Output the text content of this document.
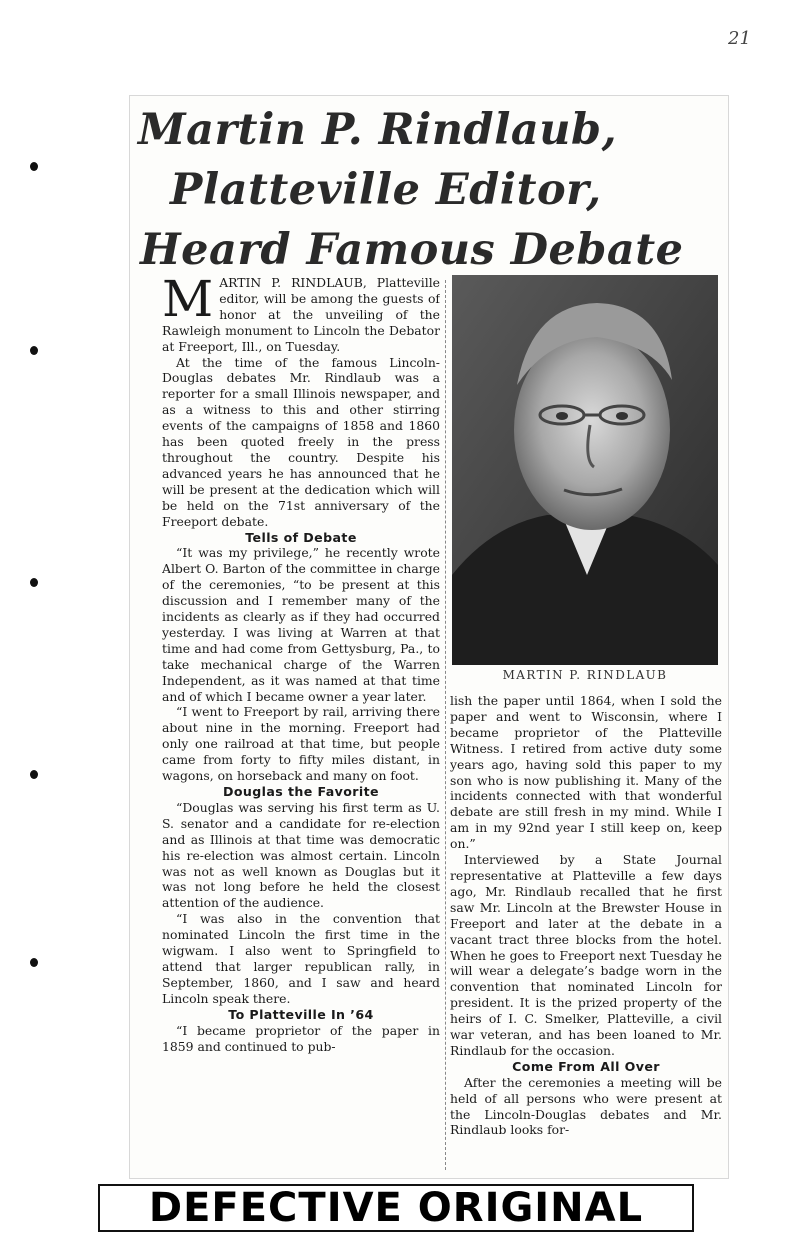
21
Martin P. Rindlaub,
Platteville Editor,
Heard Famous Debate

MARTIN P. RINDLAUB, Platteville editor, will be among the guests of honor at the unveiling of the Rawleigh monument to Lincoln the Debator at Freeport, Ill., on Tuesday.

At the time of the famous Lincoln-Douglas debates Mr. Rindlaub was a reporter for a small Illinois newspaper, and as a witness to this and other stirring events of the campaigns of 1858 and 1860 has been quoted freely in the press throughout the country. Despite his advanced years he has announced that he will be present at the dedication which will be held on the 71st anniversary of the Freeport debate.

Tells of Debate

“It was my privilege,” he recently wrote Albert O. Barton of the committee in charge of the ceremonies, “to be present at this discussion and I remember many of the incidents as clearly as if they had occurred yesterday. I was living at Warren at that time and had come from Gettysburg, Pa., to take mechanical charge of the Warren Independent, as it was named at that time and of which I became owner a year later.

“I went to Freeport by rail, arriving there about nine in the morning. Freeport had only one railroad at that time, but people came from forty to fifty miles distant, in wagons, on horseback and many on foot.

Douglas the Favorite

“Douglas was serving his first term as U. S. senator and a candidate for re-election and as Illinois at that time was democratic his re-election was almost certain. Lincoln was not as well known as Douglas but it was not long before he held the closest attention of the audience.

“I was also in the convention that nominated Lincoln the first time in the wigwam. I also went to Springfield to attend that larger republican rally, in September, 1860, and I saw and heard Lincoln speak there.

To Platteville In ’64

“I became proprietor of the paper in 1859 and continued to pub-

MARTIN P. RINDLAUB

lish the paper until 1864, when I sold the paper and went to Wisconsin, where I became proprietor of the Platteville Witness. I retired from active duty some years ago, having sold this paper to my son who is now publishing it. Many of the incidents connected with that wonderful debate are still fresh in my mind. While I am in my 92nd year I still keep on, keep on.”

Interviewed by a State Journal representative at Platteville a few days ago, Mr. Rindlaub recalled that he first saw Mr. Lincoln at the Brewster House in Freeport and later at the debate in a vacant tract three blocks from the hotel. When he goes to Freeport next Tuesday he will wear a delegate’s badge worn in the convention that nominated Lincoln for president. It is the prized property of the heirs of I. C. Smelker, Platteville, a civil war veteran, and has been loaned to Mr. Rindlaub for the occasion.

Come From All Over

After the ceremonies a meeting will be held of all persons who were present at the Lincoln-Douglas debates and Mr. Rindlaub looks for-

DEFECTIVE ORIGINAL
